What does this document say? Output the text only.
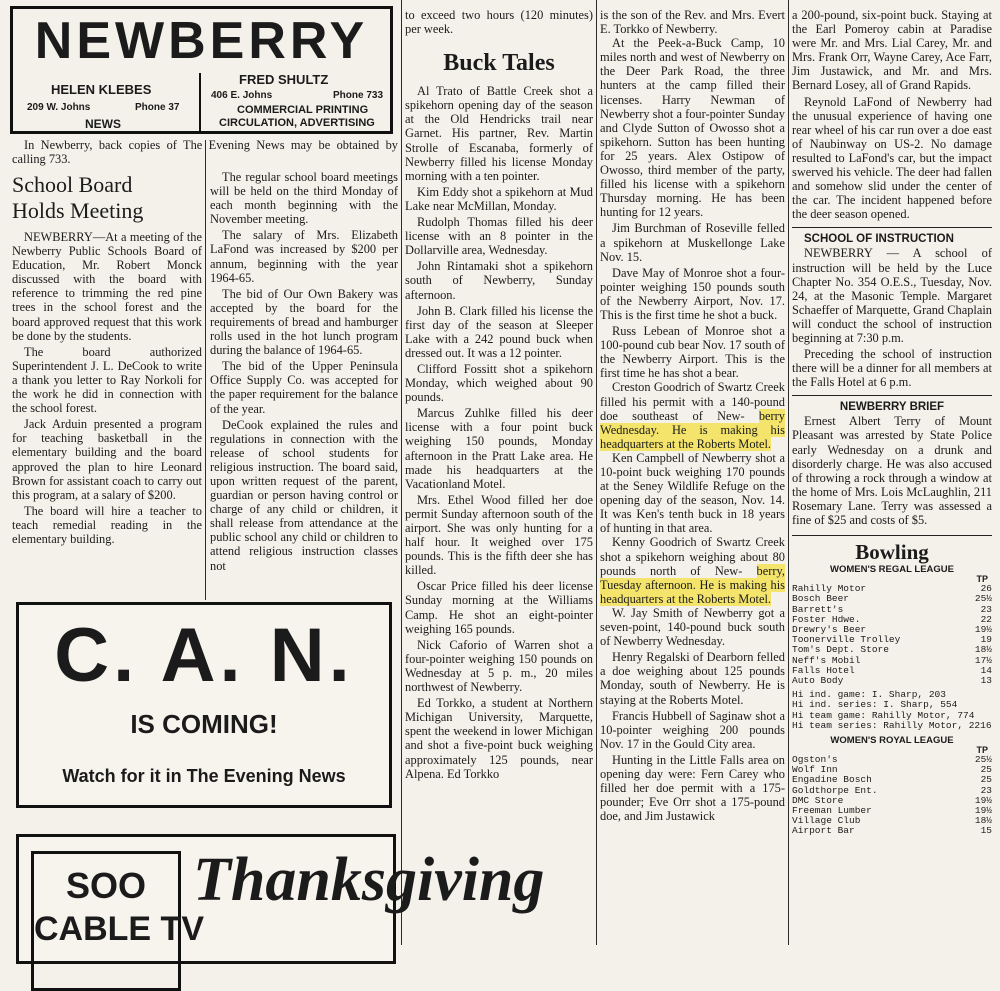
NEWBERRY
HELEN KLEBES
209 W. Johns	Phone 37
NEWS
FRED SHULTZ
406 E. Johns	Phone 733
COMMERCIAL PRINTING
CIRCULATION, ADVERTISING
In Newberry, back copies of The Evening News may be obtained by calling 733.
School Board
Holds Meeting

NEWBERRY—At a meeting of the Newberry Public Schools Board of Education, Mr. Robert Monck discussed with the board with reference to trimming the red pine trees in the school forest and the board approved request that this work be done by the students.

The board authorized Superintendent J. L. DeCook to write a thank you letter to Ray Norkoli for the work he did in connection with the school forest.

Jack Arduin presented a program for teaching basketball in the elementary building and the board approved the plan to hire Leonard Brown for assistant coach to carry out this program, at a salary of $200.

The board will hire a teacher to teach remedial reading in the elementary building.

The regular school board meetings will be held on the third Monday of each month beginning with the November meeting.

The salary of Mrs. Elizabeth LaFond was increased by $200 per annum, beginning with the year 1964-65.

The bid of Our Own Bakery was accepted by the board for the requirements of bread and hamburger rolls used in the hot lunch program during the balance of 1964-65.

The bid of the Upper Peninsula Office Supply Co. was accepted for the paper requirement for the balance of the year.

DeCook explained the rules and regulations in connection with the release of school students for religious instruction. The board said, upon written request of the parent, guardian or person having control or charge of any child or children, it shall release from attendance at the public school any child or children to attend religious instruction classes not

C. A. N.
IS COMING!
Watch for it in The Evening News
SOO
CABLE TV
Thanksgiving

to exceed two hours (120 minutes) per week.

Buck Tales

Al Trato of Battle Creek shot a spikehorn opening day of the season at the Old Hendricks trail near Garnet. His partner, Rev. Martin Strolle of Escanaba, formerly of Newberry filled his license Monday morning with a ten pointer.

Kim Eddy shot a spikehorn at Mud Lake near McMillan, Monday.

Rudolph Thomas filled his deer license with an 8 pointer in the Dollarville area, Wednesday.

John Rintamaki shot a spikehorn south of Newberry, Sunday afternoon.

John B. Clark filled his license the first day of the season at Sleeper Lake with a 242 pound buck when dressed out. It was a 12 pointer.

Clifford Fossitt shot a spikehorn Monday, which weighed about 90 pounds.

Marcus Zuhlke filled his deer license with a four point buck weighing 150 pounds, Monday afternoon in the Pratt Lake area. He made his headquarters at the Vacationland Motel.

Mrs. Ethel Wood filled her doe permit Sunday afternoon south of the airport. She was only hunting for a half hour. It weighed over 175 pounds. This is the fifth deer she has killed.

Oscar Price filled his deer license Sunday morning at the Williams Camp. He shot an eight-pointer weighing 165 pounds.

Nick Caforio of Warren shot a four-pointer weighing 150 pounds on Wednesday at 5 p. m., 20 miles northwest of Newberry.

Ed Torkko, a student at Northern Michigan University, Marquette, spent the weekend in lower Michigan and shot a five-point buck weighing approximately 125 pounds, near Alpena. Ed Torkko

is the son of the Rev. and Mrs. Evert E. Torkko of Newberry.

At the Peek-a-Buck Camp, 10 miles north and west of Newberry on the Deer Park Road, the three hunters at the camp filled their licenses. Harry Newman of Newberry shot a four-pointer Sunday and Clyde Sutton of Owosso shot a spikehorn. Sutton has been hunting for 25 years. Alex Ostipow of Owosso, third member of the party, filled his license with a spikehorn Thursday morning. He has been hunting for 12 years.

Jim Burchman of Roseville felled a spikehorn at Muskellonge Lake Nov. 15.

Dave May of Monroe shot a four-pointer weighing 150 pounds south of the Newberry Airport, Nov. 17. This is the first time he shot a buck.

Russ Lebean of Monroe shot a 100-pound cub bear Nov. 17 south of the Newberry Airport. This is the first time he has shot a bear.

Creston Goodrich of Swartz Creek filled his permit with a 140-pound doe southeast of New- berry Wednesday. He is making his headquarters at the Roberts Motel.

Ken Campbell of Newberry shot a 10-point buck weighing 170 pounds at the Seney Wildlife Refuge on the opening day of the season, Nov. 14. It was Ken's tenth buck in 18 years of hunting in that area.

Kenny Goodrich of Swartz Creek shot a spikehorn weighing about 80 pounds north of New- berry, Tuesday afternoon. He is making his headquarters at the Roberts Motel.

W. Jay Smith of Newberry got a seven-point, 140-pound buck south of Newberry Wednesday.

Henry Regalski of Dearborn felled a doe weighing about 125 pounds Monday, south of Newberry. He is staying at the Roberts Motel.

Francis Hubbell of Saginaw shot a 10-pointer weighing 200 pounds Nov. 17 in the Gould City area.

Hunting in the Little Falls area on opening day were: Fern Carey who filled her doe permit with a 175-pounder; Eve Orr shot a 175-pound doe, and Jim Justawick

a 200-pound, six-point buck. Staying at the Earl Pomeroy cabin at Paradise were Mr. and Mrs. Lial Carey, Mr. and Mrs. Frank Orr, Wayne Carey, Ace Farr, Jim Justawick, and Mr. and Mrs. Bernard Losey, all of Grand Rapids.

Reynold LaFond of Newberry had the unusual experience of having one rear wheel of his car run over a doe east of Naubinway on US-2. No damage resulted to LaFond's car, but the impact swerved his vehicle. The deer had fallen and somehow slid under the center of the car. The incident happened before the deer season opened.

SCHOOL OF INSTRUCTION

NEWBERRY — A school of instruction will be held by the Luce Chapter No. 354 O.E.S., Tuesday, Nov. 24, at the Masonic Temple. Margaret Schaeffer of Marquette, Grand Chaplain will conduct the school of instruction beginning at 7:30 p.m.

Preceding the school of instruction there will be a dinner for all members at the Falls Hotel at 6 p.m.

NEWBERRY BRIEF

Ernest Albert Terry of Mount Pleasant was arrested by State Police early Wednesday on a drunk and disorderly charge. He was also accused of throwing a rock through a window at the home of Mrs. Lois McLaughlin, 211 Rosemary Lane. Terry was assessed a fine of $25 and costs of $5.

Bowling
WOMEN'S REGAL LEAGUE
TP
Rahilly Motor	26
Bosch Beer	25½
Barrett's	23
Foster Hdwe.	22
Drewry's Beer	19½
Toonerville Trolley	19
Tom's Dept. Store	18½
Neff's Mobil	17½
Falls Hotel	14
Auto Body	13
Hi ind. game: I. Sharp, 203
Hi ind. series: I. Sharp, 554
Hi team game: Rahilly Motor, 774
Hi team series: Rahilly Motor, 2216
WOMEN'S ROYAL LEAGUE
TP
Ogston's	25½
Wolf Inn	25
Engadine Bosch	25
Goldthorpe Ent.	23
DMC Store	19½
Freeman Lumber	19½
Village Club	18½
Airport Bar	15
